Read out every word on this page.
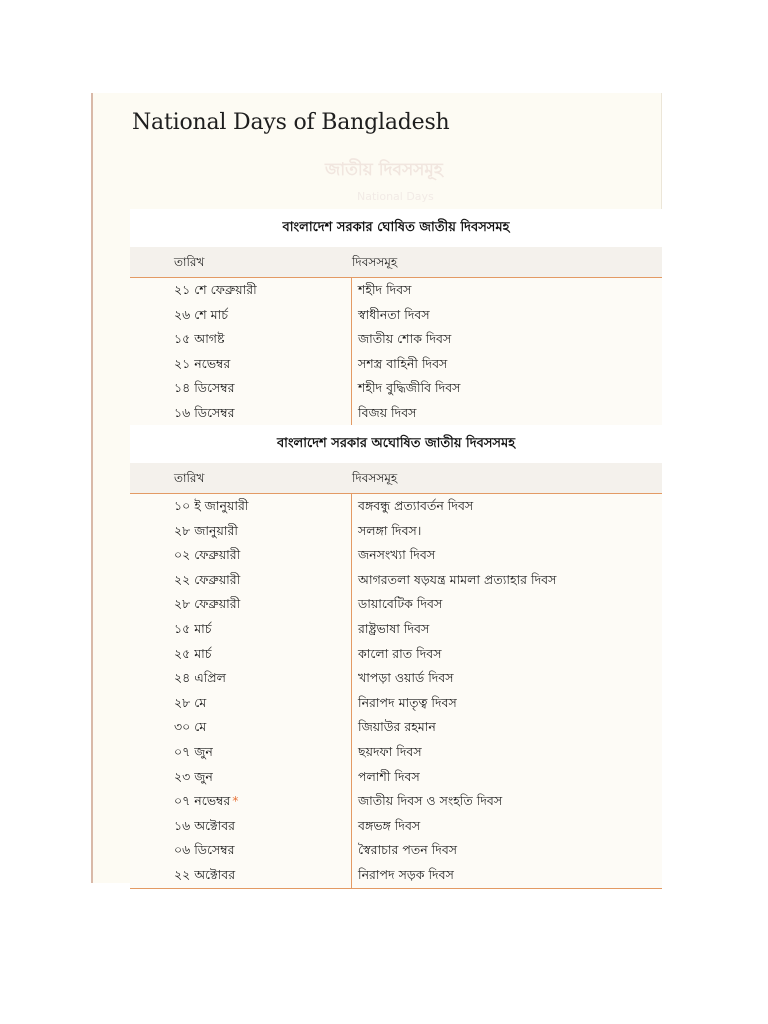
National Days of Bangladesh
জাতীয় দিবসসমূহ
National Days
বাংলাদেশ সরকার ঘোষিত জাতীয় দিবসসমহ
তারিখ	দিবসসমূহ
২১ শে ফেব্রুয়ারী	শহীদ দিবস
২৬ শে মার্চ	স্বাধীনতা দিবস
১৫ আগষ্ট	জাতীয় শোক দিবস
২১ নভেম্বর	সশস্ত্র বাহিনী দিবস
১৪ ডিসেম্বর	শহীদ বুদ্ধিজীবি দিবস
১৬ ডিসেম্বর	বিজয় দিবস
বাংলাদেশ সরকার অঘোষিত জাতীয় দিবসসমহ
তারিখ	দিবসসমূহ
১০ ই জানুয়ারী	বঙ্গবন্ধু প্রত্যাবর্তন দিবস
২৮ জানুয়ারী	সলঙ্গা দিবস।
০২ ফেব্রুয়ারী	জনসংখ্যা দিবস
২২ ফেব্রুয়ারী	আগরতলা ষড়যন্ত্র মামলা প্রত্যাহার দিবস
২৮ ফেব্রুয়ারী	ডায়াবেটিক দিবস
১৫ মার্চ	রাষ্ট্রভাষা দিবস
২৫ মার্চ	কালো রাত দিবস
২৪ এপ্রিল	খাপড়া ওয়ার্ড দিবস
২৮ মে	নিরাপদ মাতৃত্ব দিবস
৩০ মে	জিয়াউর রহমান
০৭ জুন	ছয়দফা দিবস
২৩ জুন	পলাশী দিবস
০৭ নভেম্বর *	জাতীয় দিবস ও সংহতি দিবস
১৬ অক্টোবর	বঙ্গভঙ্গ দিবস
০৬ ডিসেম্বর	স্বৈরাচার পতন দিবস
২২ অক্টোবর	নিরাপদ সড়ক দিবস
